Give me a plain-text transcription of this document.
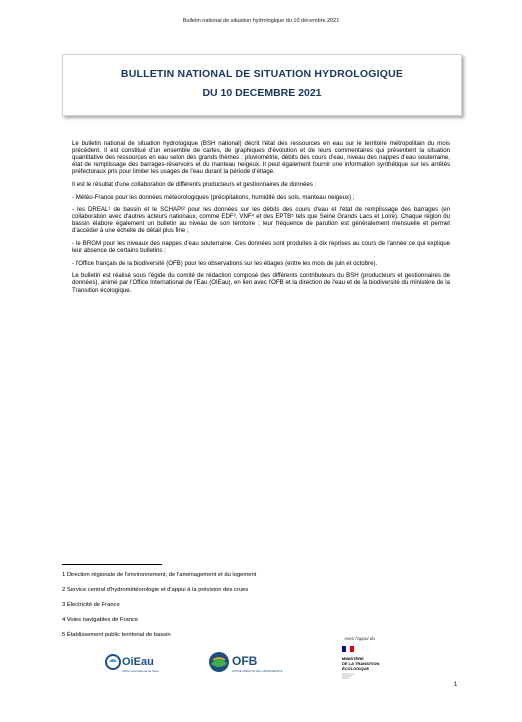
Bulletin national de situation hydrologique du 10 décembre 2021
BULLETIN NATIONAL DE SITUATION HYDROLOGIQUE
DU 10 DECEMBRE 2021

Le bulletin national de situation hydrologique (BSH national) décrit l'état des ressources en eau sur le territoire métropolitain du mois précédent. Il est constitué d'un ensemble de cartes, de graphiques d'évolution et de leurs commentaires qui présentent la situation quantitative des ressources en eau selon des grands thèmes : pluviométrie, débits des cours d'eau, niveau des nappes d'eau souterraine, état de remplissage des barrages-réservoirs et du manteau neigeux. Il peut également fournir une information synthétique sur les arrêtés préfectoraux pris pour limiter les usages de l'eau durant la période d'étiage.

Il est le résultat d'une collaboration de différents producteurs et gestionnaires de données :

- Météo-France pour les données météorologiques (précipitations, humidité des sols, manteau neigeux) ;

- les DREAL¹ de bassin et le SCHAPI² pour les données sur les débits des cours d'eau et l'état de remplissage des barrages (en collaboration avec d'autres acteurs nationaux, comme EDF³, VNF⁴ et des EPTB⁵ tels que Seine Grands Lacs et Loire). Chaque région du bassin élabore également un bulletin au niveau de son territoire ; leur fréquence de parution est généralement mensuelle et permet d'accéder à une échelle de détail plus fine ;

- le BRGM pour les niveaux des nappes d'eau souterraine. Ces données sont produites à dix reprises au cours de l'année ce qui explique leur absence de certains bulletins ;

- l'Office français de la biodiversité (OFB) pour les observations sur les étiages (entre les mois de juin et octobre).

Le bulletin est réalisé sous l'égide du comité de rédaction composé des différents contributeurs du BSH (producteurs et gestionnaires de données), animé par l'Office International de l'Eau (OIEau), en lien avec l'OFB et la direction de l'eau et de la biodiversité du ministère de la Transition écologique.

1 Direction régionale de l'environnement, de l'aménagement et du logement
2 Service central d'hydrométéorologie et d'appui à la prévision des crues
3 Électricité de France
4 Voies navigables de France
5 Établissement public territorial de bassin
Avec l'appui du
OiEau
Office International de l'Eau
OFB
OFFICE FRANÇAIS DE LA BIODIVERSITÉ
MINISTÈRE
DE LA TRANSITION
ÉCOLOGIQUE
1
